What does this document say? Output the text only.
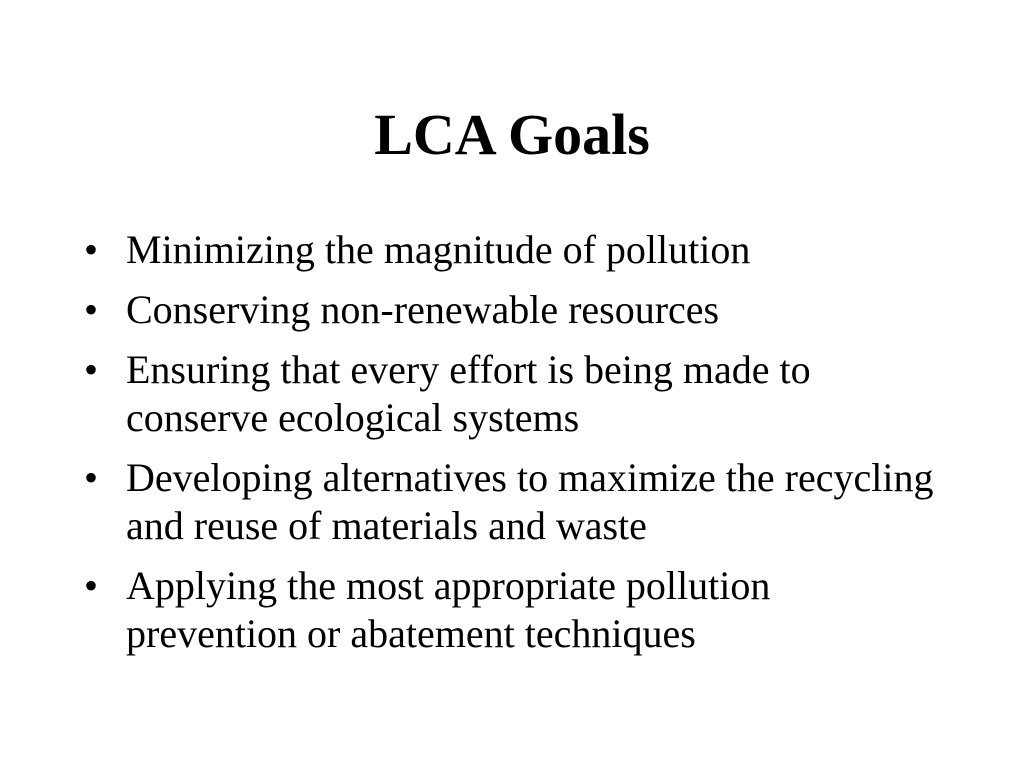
LCA Goals
• Minimizing the magnitude of pollution
• Conserving non-renewable resources
• Ensuring that every effort is being made to conserve ecological systems
• Developing alternatives to maximize the recycling and reuse of materials and waste
• Applying the most appropriate pollution prevention or abatement techniques
